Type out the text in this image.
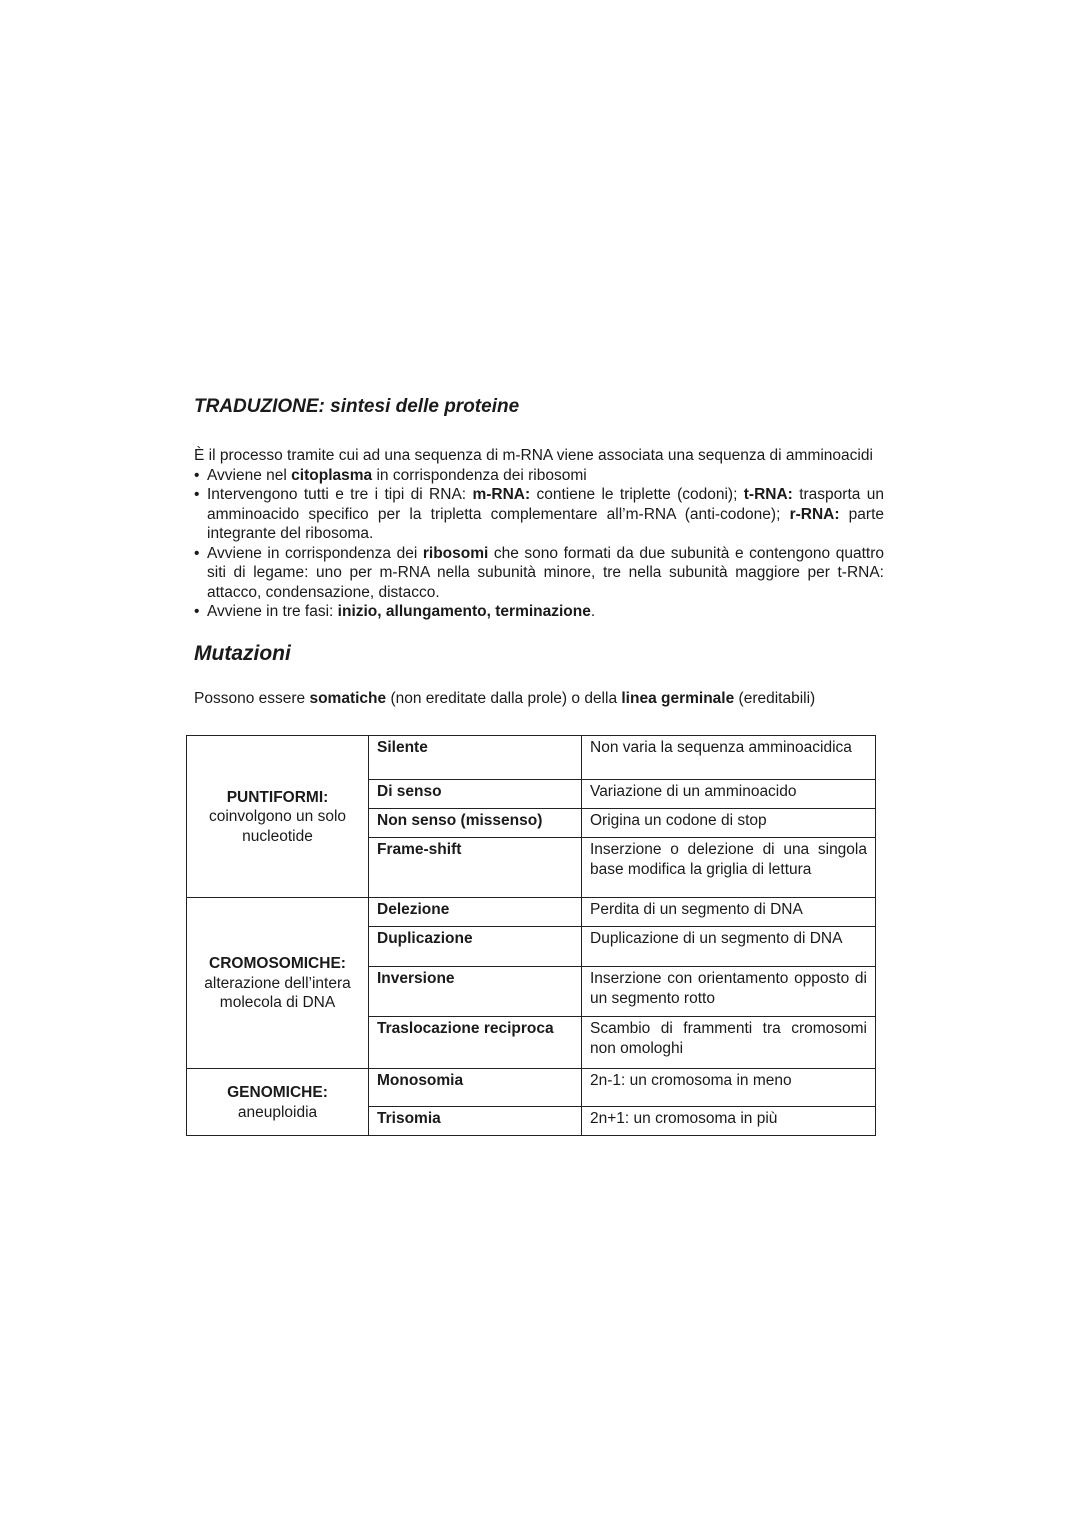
TRADUZIONE: sintesi delle proteine

È il processo tramite cui ad una sequenza di m-RNA viene associata una sequenza di amminoacidi

• Avviene nel citoplasma in corrispondenza dei ribosomi
• Intervengono tutti e tre i tipi di RNA: m-RNA: contiene le triplette (codoni); t-RNA: trasporta un amminoacido specifico per la tripletta complementare all’m-RNA (anti-codone); r-RNA: parte integrante del ribosoma.
• Avviene in corrispondenza dei ribosomi che sono formati da due subunità e contengono quattro siti di legame: uno per m-RNA nella subunità minore, tre nella subunità maggiore per t-RNA: attacco, condensazione, distacco.
• Avviene in tre fasi: inizio, allungamento, terminazione.
Mutazioni

Possono essere somatiche (non ereditate dalla prole) o della linea germinale (ereditabili)

PUNTIFORMI:
coinvolgono un solo nucleotide	Silente	Non varia la sequenza amminoacidica
	Di senso	Variazione di un amminoacido
	Non senso (missenso)	Origina un codone di stop
	Frame-shift	Inserzione o delezione di una singola base modifica la griglia di lettura

CROMOSOMICHE:
alterazione dell’intera molecola di DNA	Delezione	Perdita di un segmento di DNA
	Duplicazione	Duplicazione di un segmento di DNA
	Inversione	Inserzione con orientamento opposto di un segmento rotto
	Traslocazione reciproca	Scambio di frammenti tra cromosomi non omologhi

GENOMICHE:
aneuploidia	Monosomia	2n-1: un cromosoma in meno
	Trisomia	2n+1: un cromosoma in più
